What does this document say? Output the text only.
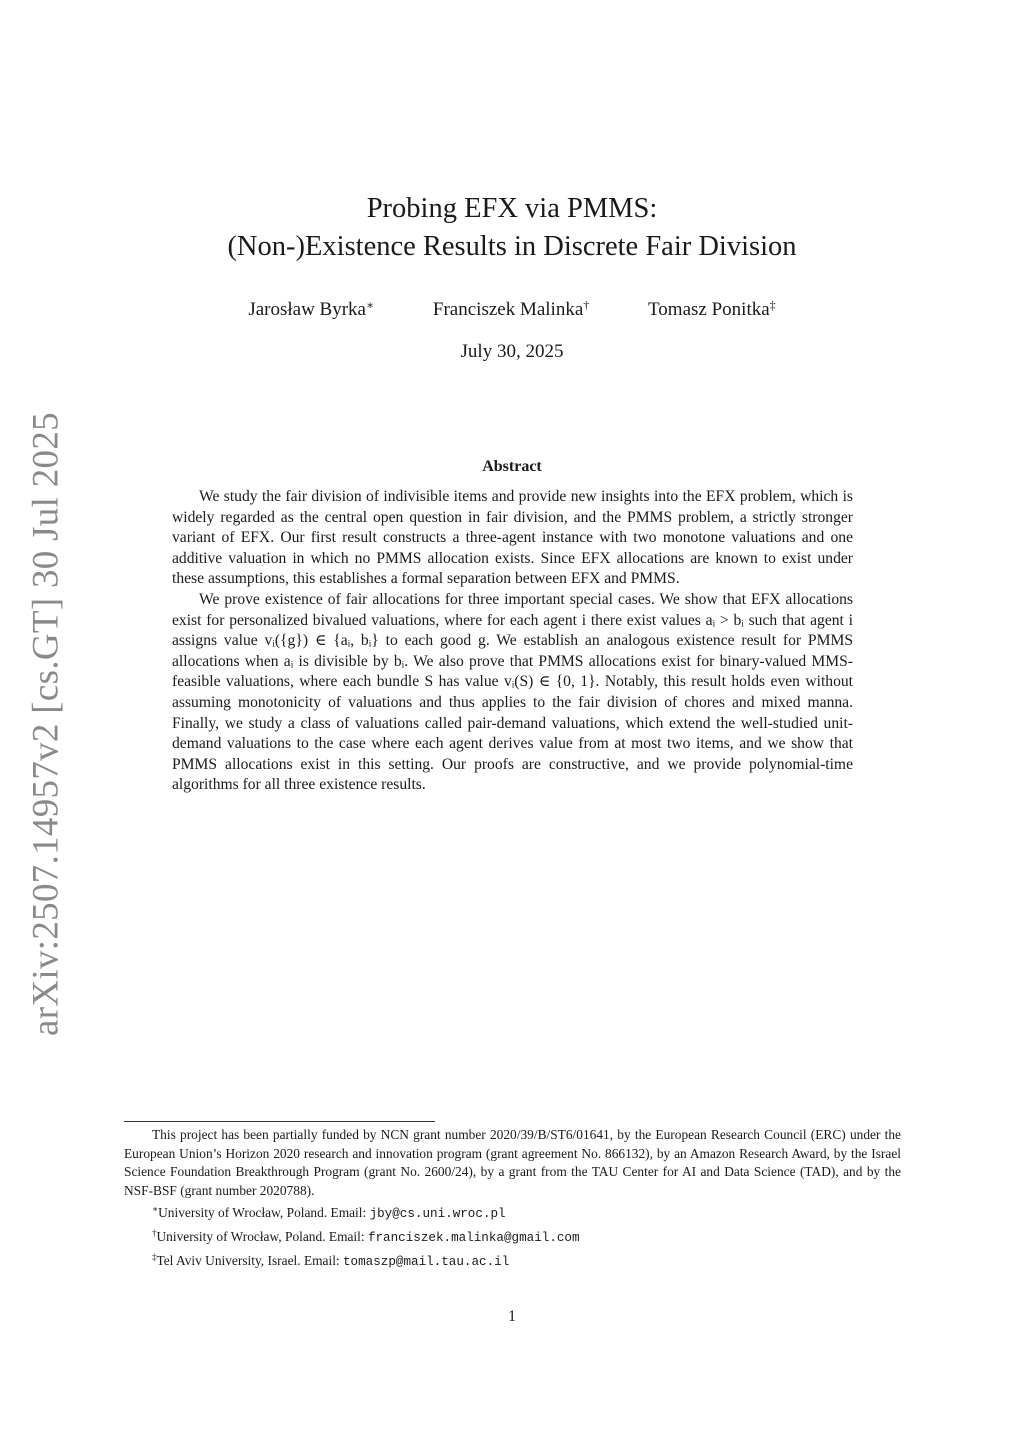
arXiv:2507.14957v2 [cs.GT] 30 Jul 2025
Probing EFX via PMMS:
(Non-)Existence Results in Discrete Fair Division
Jarosław Byrka∗	Franciszek Malinka†	Tomasz Ponitka‡
July 30, 2025
Abstract

We study the fair division of indivisible items and provide new insights into the EFX problem, which is widely regarded as the central open question in fair division, and the PMMS problem, a strictly stronger variant of EFX. Our first result constructs a three-agent instance with two monotone valuations and one additive valuation in which no PMMS allocation exists. Since EFX allocations are known to exist under these assumptions, this establishes a formal separation between EFX and PMMS.

We prove existence of fair allocations for three important special cases. We show that EFX allocations exist for personalized bivalued valuations, where for each agent i there exist values aᵢ > bᵢ such that agent i assigns value vᵢ({g}) ∈ {aᵢ, bᵢ} to each good g. We establish an analogous existence result for PMMS allocations when aᵢ is divisible by bᵢ. We also prove that PMMS allocations exist for binary-valued MMS-feasible valuations, where each bundle S has value vᵢ(S) ∈ {0, 1}. Notably, this result holds even without assuming monotonicity of valuations and thus applies to the fair division of chores and mixed manna. Finally, we study a class of valuations called pair-demand valuations, which extend the well-studied unit-demand valuations to the case where each agent derives value from at most two items, and we show that PMMS allocations exist in this setting. Our proofs are constructive, and we provide polynomial-time algorithms for all three existence results.

This project has been partially funded by NCN grant number 2020/39/B/ST6/01641, by the European Research Council (ERC) under the European Union’s Horizon 2020 research and innovation program (grant agreement No. 866132), by an Amazon Research Award, by the Israel Science Foundation Breakthrough Program (grant No. 2600/24), by a grant from the TAU Center for AI and Data Science (TAD), and by the NSF-BSF (grant number 2020788).

∗University of Wrocław, Poland. Email: jby@cs.uni.wroc.pl

†University of Wrocław, Poland. Email: franciszek.malinka@gmail.com

‡Tel Aviv University, Israel. Email: tomaszp@mail.tau.ac.il

1
